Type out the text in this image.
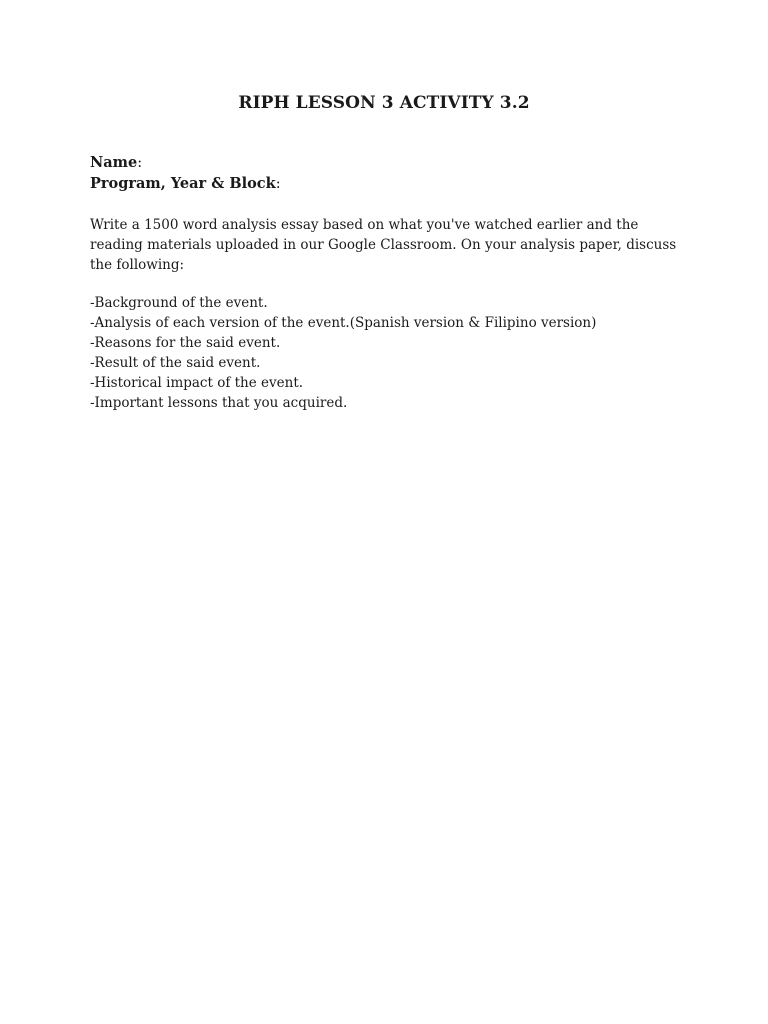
RIPH LESSON 3 ACTIVITY 3.2
Name:
Program, Year & Block:
Write a 1500 word analysis essay based on what you've watched earlier and the reading materials uploaded in our Google Classroom. On your analysis paper, discuss the following:
-Background of the event.
-Analysis of each version of the event.(Spanish version & Filipino version)
-Reasons for the said event.
-Result of the said event.
-Historical impact of the event.
-Important lessons that you acquired.
